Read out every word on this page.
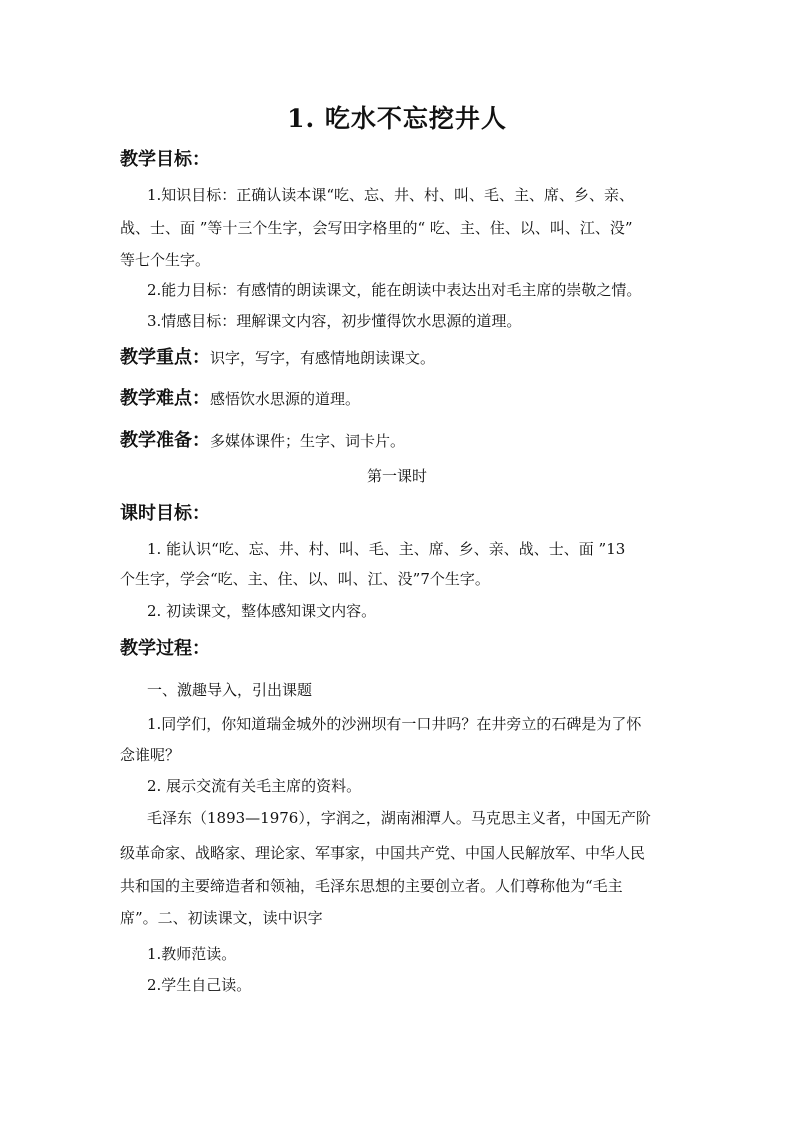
1. 吃水不忘挖井人
教学目标：
1.知识目标：正确认读本课“吃、忘、井、村、叫、毛、主、席、乡、亲、
战、士、面 ”等十三个生字，会写田字格里的“ 吃、主、住、以、叫、江、没”
等七个生字。
2.能力目标：有感情的朗读课文，能在朗读中表达出对毛主席的崇敬之情。
3.情感目标：理解课文内容，初步懂得饮水思源的道理。
教学重点：识字，写字，有感情地朗读课文。
教学难点：感悟饮水思源的道理。
教学准备：多媒体课件；生字、词卡片。
第一课时
课时目标：
1. 能认识“吃、忘、井、村、叫、毛、主、席、乡、亲、战、士、面 ”13
个生字，学会“吃、主、住、以、叫、江、没”7个生字。
2. 初读课文，整体感知课文内容。
教学过程：
一、激趣导入，引出课题
1.同学们，你知道瑞金城外的沙洲坝有一口井吗？在井旁立的石碑是为了怀
念谁呢？
2. 展示交流有关毛主席的资料。
毛泽东（1893—1976），字润之，湖南湘潭人。马克思主义者，中国无产阶
级革命家、战略家、理论家、军事家，中国共产党、中国人民解放军、中华人民
共和国的主要缔造者和领袖，毛泽东思想的主要创立者。人们尊称他为“毛主
席”。二、初读课文，读中识字
1.教师范读。
2.学生自己读。
